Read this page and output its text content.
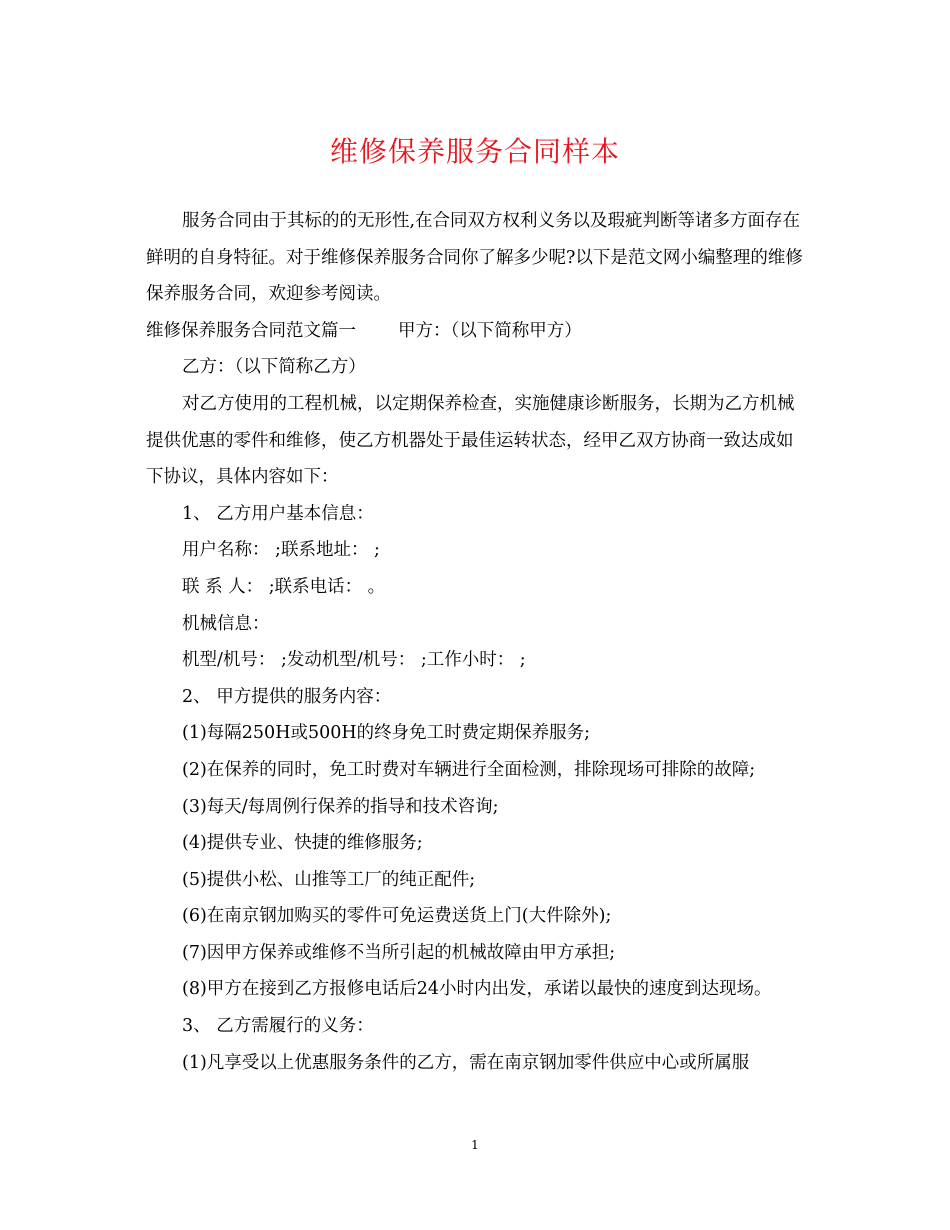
维修保养服务合同样本

服务合同由于其标的的无形性,在合同双方权利义务以及瑕疵判断等诸多方面存在鲜明的自身特征。对于维修保养服务合同你了解多少呢?以下是范文网小编整理的维修保养服务合同，欢迎参考阅读。

维修保养服务合同范文篇一 甲方：（以下简称甲方）

乙方：（以下简称乙方）

对乙方使用的工程机械，以定期保养检查，实施健康诊断服务，长期为乙方机械提供优惠的零件和维修，使乙方机器处于最佳运转状态，经甲乙双方协商一致达成如下协议，具体内容如下：

1、 乙方用户基本信息：

用户名称： ;联系地址： ;

联 系 人： ;联系电话： 。

机械信息：

机型/机号： ;发动机型/机号： ;工作小时： ;

2、 甲方提供的服务内容：

(1)每隔250H或500H的终身免工时费定期保养服务;

(2)在保养的同时，免工时费对车辆进行全面检测，排除现场可排除的故障;

(3)每天/每周例行保养的指导和技术咨询;

(4)提供专业、快捷的维修服务;

(5)提供小松、山推等工厂的纯正配件;

(6)在南京钢加购买的零件可免运费送货上门(大件除外);

(7)因甲方保养或维修不当所引起的机械故障由甲方承担;

(8)甲方在接到乙方报修电话后24小时内出发，承诺以最快的速度到达现场。

3、 乙方需履行的义务：

(1)凡享受以上优惠服务条件的乙方，需在南京钢加零件供应中心或所属服

1
